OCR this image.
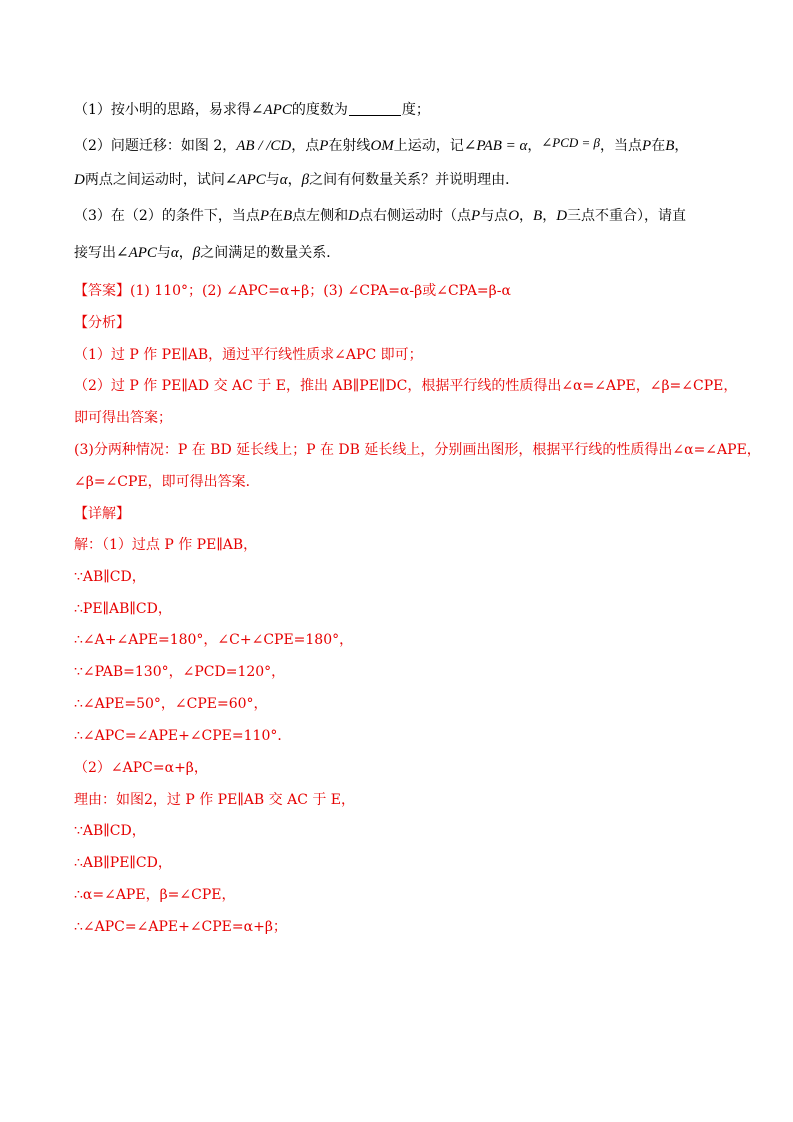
（1）按小明的思路，易求得∠APC的度数为	度；
（2）问题迁移：如图 2，AB / /CD，点P在射线OM上运动，记∠PAB = α，∠PCD = β，当点P在B，
D两点之间运动时，试问∠APC与α，β之间有何数量关系？并说明理由．
（3）在（2）的条件下，当点P在B点左侧和D点右侧运动时（点P与点O，B，D三点不重合），请直
接写出∠APC与α，β之间满足的数量关系．
【答案】(1) 110°；(2) ∠APC=α+β；(3) ∠CPA=α-β或∠CPA=β-α
【分析】
（1）过 P 作 PE∥AB，通过平行线性质求∠APC 即可；
（2）过 P 作 PE∥AD 交 AC 于 E，推出 AB∥PE∥DC，根据平行线的性质得出∠α=∠APE，∠β=∠CPE，
即可得出答案；
(3)分两种情况：P 在 BD 延长线上；P 在 DB 延长线上，分别画出图形，根据平行线的性质得出∠α=∠APE，
∠β=∠CPE，即可得出答案．
【详解】
解：（1）过点 P 作 PE∥AB，
∵AB∥CD，
∴PE∥AB∥CD，
∴∠A+∠APE=180°，∠C+∠CPE=180°，
∵∠PAB=130°，∠PCD=120°，
∴∠APE=50°，∠CPE=60°，
∴∠APC=∠APE+∠CPE=110°．
（2）∠APC=α+β，
理由：如图2，过 P 作 PE∥AB 交 AC 于 E，
∵AB∥CD，
∴AB∥PE∥CD，
∴α=∠APE，β=∠CPE，
∴∠APC=∠APE+∠CPE=α+β；
